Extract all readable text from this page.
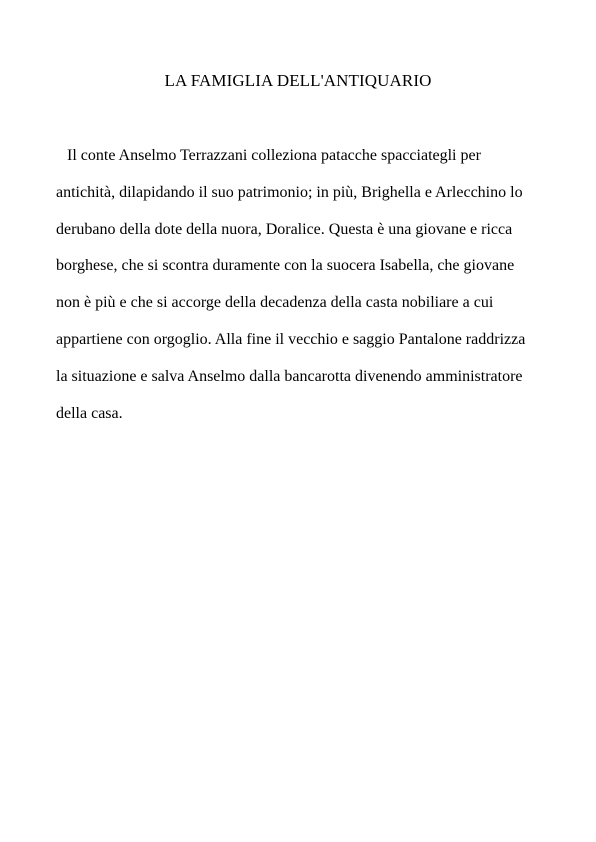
LA FAMIGLIA DELL'ANTIQUARIO
Il conte Anselmo Terrazzani colleziona patacche spacciategli per
antichità, dilapidando il suo patrimonio; in più, Brighella e Arlecchino lo
derubano della dote della nuora, Doralice. Questa è una giovane e ricca
borghese, che si scontra duramente con la suocera Isabella, che giovane
non è più e che si accorge della decadenza della casta nobiliare a cui
appartiene con orgoglio. Alla fine il vecchio e saggio Pantalone raddrizza
la situazione e salva Anselmo dalla bancarotta divenendo amministratore
della casa.
